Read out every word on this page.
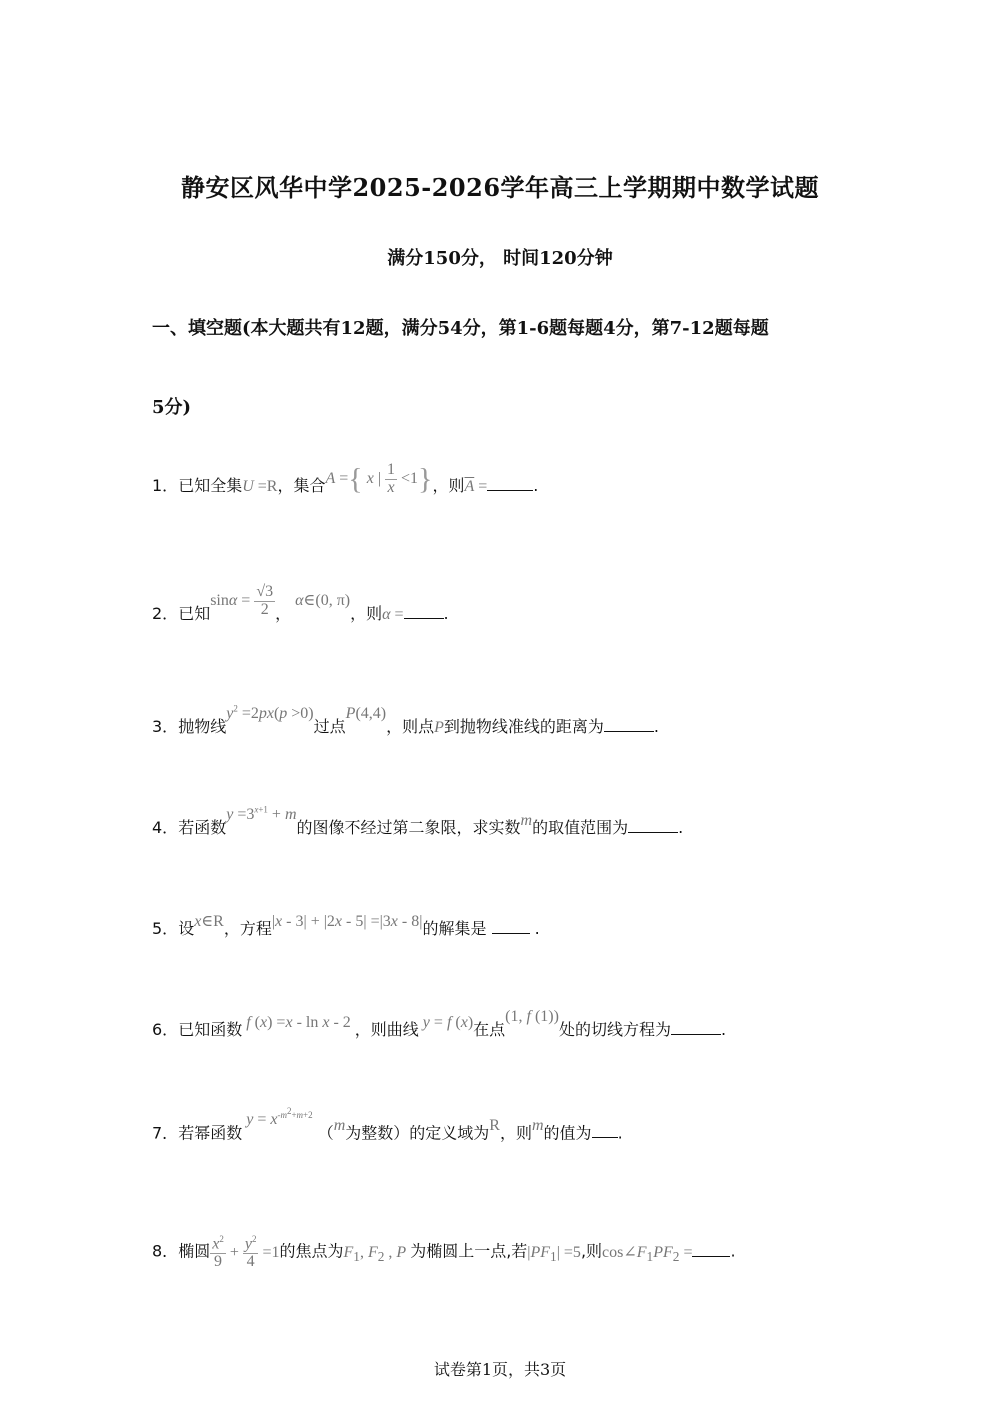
静安区风华中学2025-2026学年高三上学期期中数学试题
满分150分， 时间120分钟
一、填空题(本大题共有12题，满分54分，第1-6题每题4分，第7-12题每题
5分)
1．已知全集U =R，集合A ={ x | $\frac{1}{x} <1$}，则$\overline{A}$ =	.
2．已知$\sin\alpha = \frac{√3}{2}$ ， α∈(0, π)，则α =	.
3．抛物线$y^2 =2px(p >0)$过点P(4,4)，则点P到抛物线准线的距离为	.
4．若函数$y =3^{x+1} + m$的图像不经过第二象限，求实数m的取值范围为	.
5．设x∈R，方程|x - 3| + |2x - 5| =|3x - 8|的解集是	.
6．已知函数 f (x) =x - ln x - 2 ，则曲线 y = f (x)在点(1, f (1))处的切线方程为	.
7．若幂函数 $y = x^{-m^2+m+2}$ （m为整数）的定义域为R，则m的值为 .
8．椭圆 $\frac{x^2}{9} + \frac{y^2}{4} =1$的焦点为$F_1$, $F_2$ , P 为椭圆上一点,若$|PF_1| =5$,则$\cos\angle F_1PF_2$ = .
试卷第1页，共3页
